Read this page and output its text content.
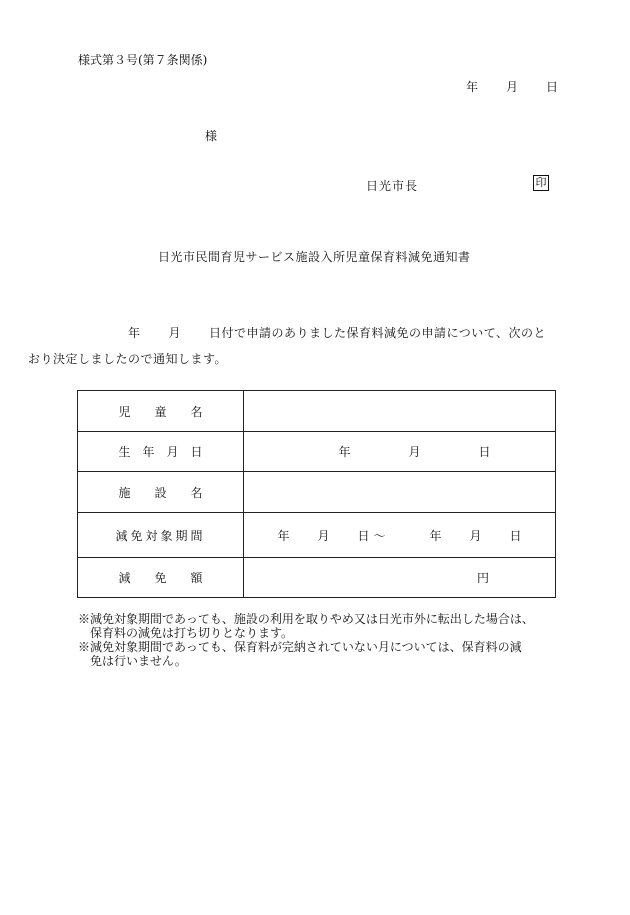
様式第３号(第７条関係)
年 月 日
様
日光市長	印
日光市民間育児サービス施設入所児童保育料減免通知書
年 月 日付で申請のありました保育料減免の申請について、次のと
おり決定しましたので通知します。
児　　童　　名	
生　年　月　日	年 月 日
施　　設　　名	
減免対象期間	年 月 日 〜 年 月 日
減　　免　　額	円
※減免対象期間であっても、施設の利用を取りやめ又は日光市外に転出した場合は、
保育料の減免は打ち切りとなります。
※減免対象期間であっても、保育料が完納されていない月については、保育料の減
免は行いません。
